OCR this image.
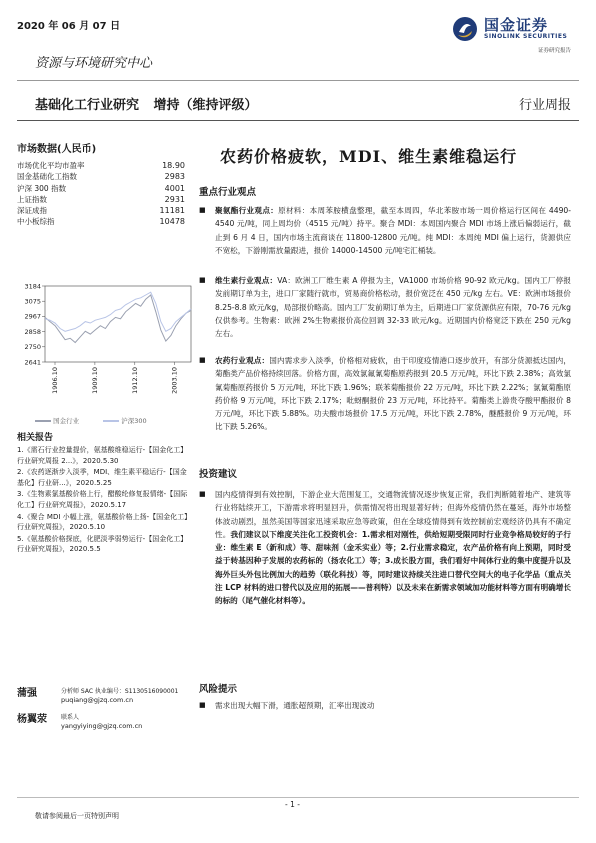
2020 年 06 月 07 日	国金证券
SINOLINK SECURITIES
证券研究报告
资源与环境研究中心
基础化工行业研究 增持（维持评级）	行业周报
市场数据(人民币)
市场优化平均市盈率	18.90
国金基础化工指数	2983
沪深 300 指数	4001
上证指数	2931
深证成指	11181
中小板综指	10478
3184
3075
2967
2858
2750
2641
1906.10	1909.10	1912.10	2003.10
国金行业	沪深300
相关报告
1.《需石行业控量提价，氨基酸维稳运行-【国金化工】行业研究周报 2...》，2020.5.30
2.《农药逐渐步入淡季，MDI、维生素平稳运行-【国金基化】行业研...》，2020.5.25
3.《生物素氯基酸价格上行，醋酸纶修复报情绪-【国际化工】行业研究周报》，2020.5.17
4.《聚合 MDI 小幅上涨，氨基酸价格上扬-【国金化工】行业研究周报》，2020.5.10
5.《氨基酸价格探底，化肥淡季弱势运行-【国金化工】行业研究周报》，2020.5.5
蒲强	分析师 SAC 执业编号：S1130516090001
puqiang@gjzq.com.cn
杨翼荥	联系人
yangyiying@gjzq.com.cn
农药价格疲软，MDI、维生素维稳运行
重点行业观点
■ 聚氨酯行业观点：原材料：本周苯胺横盘整理，截至本周四，华北苯胺市场一周价格运行区间在 4490-4540 元/吨，同上周均价（4515 元/吨）持平。聚合 MDI：本周国内聚合 MDI 市场上涨后偏弱运行，截止到 6 月 4 日，国内市场主流商谈在 11800-12800 元/吨。纯 MDI：本周纯 MDI 偏上运行，货源供应不宽松，下游刚需放量跟进，报价 14000-14500 元/吨宅汇桶装。
■ 维生素行业观点：VA：欧洲工厂维生素 A 停报为主，VA1000 市场价格 90-92 欧元/kg。国内工厂停报发前期订单为主，进口厂家随行就市，贸易商价格松动，报价宽泛在 450 元/kg 左右。VE：欧洲市场报价 8.25-8.8 欧元/kg，局部报价略高。国内工厂发前期订单为主，后期进口厂家货源供应有限，70-76 元/kg 仅供参考。生物素：欧洲 2%生物素报价高位回调 32-33 欧元/kg。近期国内价格宽泛下跌在 250 元/kg 左右。
■ 农药行业观点：国内需求步入淡季，价格相对疲软，由于印度疫情港口逐步放开，有部分货源抵达国内，菊酯类产品价格持续回落。价格方面，高效氯氟氰菊酯原药报到 20.5 万元/吨，环比下跌 2.38%；高效氯氰菊酯原药报价 5 万元/吨，环比下跌 1.96%；联苯菊酯报价 22 万元/吨，环比下跌 2.22%；氯氰菊酯原药价格 9 万元/吨，环比下跌 2.17%；吡蚜酮报价 23 万元/吨，环比持平。菊酯类上游贵夺酸甲酯报价 8 万元/吨，环比下跌 5.88%。功夫酸市场报价 17.5 万元/吨，环比下跌 2.78%，醚醛报价 9 万元/吨，环比下跌 5.26%。
投资建议
■ 国内疫情得到有效控制，下游企业大范围复工，交通物流情况逐步恢复正常，我们判断随着地产、建筑等行业将陆续开工，下游需求将明显回升，供需情况将出现显著好转；但海外疫情仍然在蔓延，海外市场整体波动剧烈，虽然美国等国家迅速采取应急等政策，但在全球疫情得到有效控制前宏观经济仍具有不确定性。我们建议以下维度关注化工投资机会：1.需求相对刚性，供给短期受限同时行业竞争格局较好的子行业：维生素 E（新和成）等、甜味剂（金禾实业）等；2.行业需求稳定，农产品价格有向上预期，同时受益于转基因种子发展的农药标的（扬农化工）等；3.成长股方面，我们看好中间体行业的集中度提升以及海外巨头外包比例加大的趋势（联化科技）等，同时建议持续关注进口替代空间大的电子化学品（重点关注 LCP 材料的进口替代以及应用的拓展——普利特）以及未来在新需求领域加功能材料等方面有明确增长的标的（尾气催化材料等）。
风险提示
■ 需求出现大幅下滑，通胀超预期，汇率出现波动
- 1 -
敬请参阅最后一页特别声明
